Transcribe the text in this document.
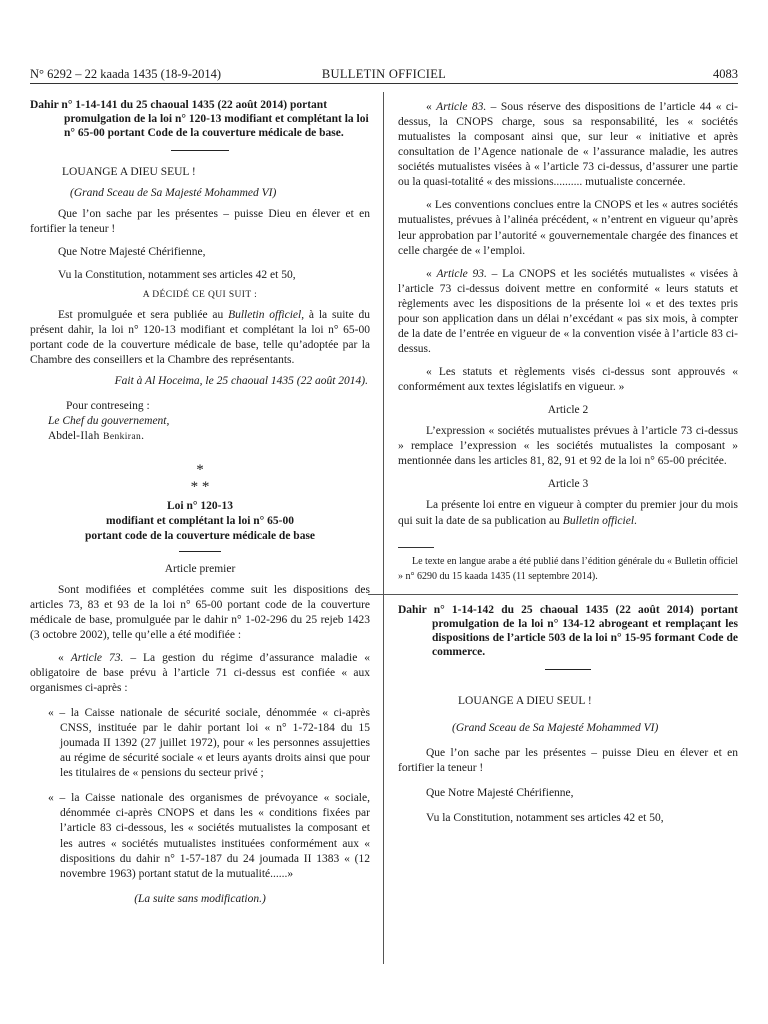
N° 6292 – 22 kaada 1435 (18-9-2014)	BULLETIN OFFICIEL	4083

Dahir n° 1-14-141 du 25 chaoual 1435 (22 août 2014) portant promulgation de la loi n° 120-13 modifiant et complétant la loi n° 65-00 portant Code de la couverture médicale de base.

LOUANGE A DIEU SEUL !

(Grand Sceau de Sa Majesté Mohammed VI)

Que l’on sache par les présentes – puisse Dieu en élever et en fortifier la teneur !

Que Notre Majesté Chérifienne,

Vu la Constitution, notamment ses articles 42 et 50,

A DÉCIDÉ CE QUI SUIT :

Est promulguée et sera publiée au Bulletin officiel, à la suite du présent dahir, la loi n° 120-13 modifiant et complétant la loi n° 65-00 portant code de la couverture médicale de base, telle qu’adoptée par la Chambre des conseillers et la Chambre des représentants.

Fait à Al Hoceima, le 25 chaoual 1435 (22 août 2014).

Pour contreseing :

Le Chef du gouvernement,

Abdel-Ilah Benkiran.

*

* *

Loi n° 120-13

modifiant et complétant la loi n° 65-00

portant code de la couverture médicale de base

Article premier

Sont modifiées et complétées comme suit les dispositions des articles 73, 83 et 93 de la loi n° 65-00 portant code de la couverture médicale de base, promulguée par le dahir n° 1-02-296 du 25 rejeb 1423 (3 octobre 2002), telle qu’elle a été modifiée :

« Article 73. – La gestion du régime d’assurance maladie « obligatoire de base prévu à l’article 71 ci-dessus est confiée « aux organismes ci-après :

« – la Caisse nationale de sécurité sociale, dénommée « ci-après CNSS, instituée par le dahir portant loi « n° 1-72-184 du 15 joumada II 1392 (27 juillet 1972), pour « les personnes assujetties au régime de sécurité sociale « et leurs ayants droits ainsi que pour les titulaires de « pensions du secteur privé ;

« – la Caisse nationale des organismes de prévoyance « sociale, dénommée ci-après CNOPS et dans les « conditions fixées par l’article 83 ci-dessous, les « sociétés mutualistes la composant et les autres « sociétés mutualistes instituées conformément aux « dispositions du dahir n° 1-57-187 du 24 joumada II 1383 « (12 novembre 1963) portant statut de la mutualité......»

(La suite sans modification.)

« Article 83. – Sous réserve des dispositions de l’article 44 « ci-dessus, la CNOPS charge, sous sa responsabilité, les « sociétés mutualistes la composant ainsi que, sur leur « initiative et après consultation de l’Agence nationale de « l’assurance maladie, les autres sociétés mutualistes visées à « l’article 73 ci-dessus, d’assurer une partie ou la quasi-totalité « des missions.......... mutualiste concernée.

« Les conventions conclues entre la CNOPS et les « autres sociétés mutualistes, prévues à l’alinéa précédent, « n’entrent en vigueur qu’après leur approbation par l’autorité « gouvernementale chargée des finances et celle chargée de « l’emploi.

« Article 93. – La CNOPS et les sociétés mutualistes « visées à l’article 73 ci-dessus doivent mettre en conformité « leurs statuts et règlements avec les dispositions de la présente loi « et des textes pris pour son application dans un délai n’excédant « pas six mois, à compter de la date de l’entrée en vigueur de « la convention visée à l’article 83 ci-dessus.

« Les statuts et règlements visés ci-dessus sont approuvés « conformément aux textes législatifs en vigueur. »

Article 2

L’expression « sociétés mutualistes prévues à l’article 73 ci-dessus » remplace l’expression « les sociétés mutualistes la composant » mentionnée dans les articles 81, 82, 91 et 92 de la loi n° 65-00 précitée.

Article 3

La présente loi entre en vigueur à compter du premier jour du mois qui suit la date de sa publication au Bulletin officiel.

Le texte en langue arabe a été publié dans l’édition générale du « Bulletin officiel » n° 6290 du 15 kaada 1435 (11 septembre 2014).

Dahir n° 1-14-142 du 25 chaoual 1435 (22 août 2014) portant promulgation de la loi n° 134-12 abrogeant et remplaçant les dispositions de l’article 503 de la loi n° 15-95 formant Code de commerce.

LOUANGE A DIEU SEUL !

(Grand Sceau de Sa Majesté Mohammed VI)

Que l’on sache par les présentes – puisse Dieu en élever et en fortifier la teneur !

Que Notre Majesté Chérifienne,

Vu la Constitution, notamment ses articles 42 et 50,
